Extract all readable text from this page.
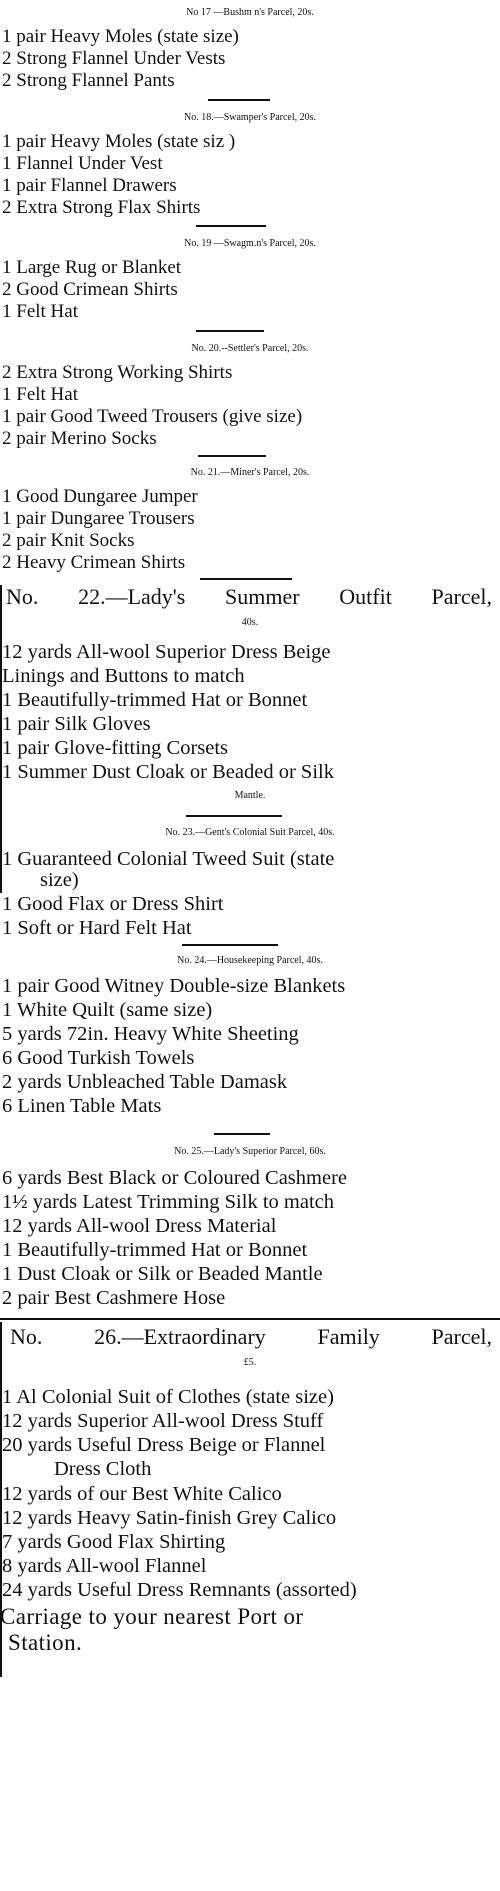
No 17 —Bushm n's Parcel, 20s.
1 pair Heavy Moles (state size)
2 Strong Flannel Under Vests
2 Strong Flannel Pants
No. 18.—Swamper's Parcel, 20s.
1 pair Heavy Moles (state siz )
1 Flannel Under Vest
1 pair Flannel Drawers
2 Extra Strong Flax Shirts
No. 19 —Swagm.n's Parcel, 20s.
1 Large Rug or Blanket
2 Good Crimean Shirts
1 Felt Hat
No. 20.--Settler's Parcel, 20s.
2 Extra Strong Working Shirts
1 Felt Hat
1 pair Good Tweed Trousers (give size)
2 pair Merino Socks
No. 21.—Miner's Parcel, 20s.
1 Good Dungaree Jumper
1 pair Dungaree Trousers
2 pair Knit Socks
2 Heavy Crimean Shirts
No. 22.—Lady's Summer Outfit Parcel,
40s.
12 yards All-wool Superior Dress Beige
Linings and Buttons to match
1 Beautifully-trimmed Hat or Bonnet
1 pair Silk Gloves
1 pair Glove-fitting Corsets
1 Summer Dust Cloak or Beaded or Silk
Mantle.
No. 23.—Gent's Colonial Suit Parcel, 40s.
1 Guaranteed Colonial Tweed Suit (state
size)
1 Good Flax or Dress Shirt
1 Soft or Hard Felt Hat
No. 24.—Housekeeping Parcel, 40s.
1 pair Good Witney Double-size Blankets
1 White Quilt (same size)
5 yards 72in. Heavy White Sheeting
6 Good Turkish Towels
2 yards Unbleached Table Damask
6 Linen Table Mats
No. 25.—Lady's Superior Parcel, 60s.
6 yards Best Black or Coloured Cashmere
1½ yards Latest Trimming Silk to match
12 yards All-wool Dress Material
1 Beautifully-trimmed Hat or Bonnet
1 Dust Cloak or Silk or Beaded Mantle
2 pair Best Cashmere Hose
No. 26.—Extraordinary Family Parcel,
£5.
1 Al Colonial Suit of Clothes (state size)
12 yards Superior All-wool Dress Stuff
20 yards Useful Dress Beige or Flannel
Dress Cloth
12 yards of our Best White Calico
12 yards Heavy Satin-finish Grey Calico
7 yards Good Flax Shirting
8 yards All-wool Flannel
24 yards Useful Dress Remnants (assorted)
Carriage to your nearest Port or
Station.
